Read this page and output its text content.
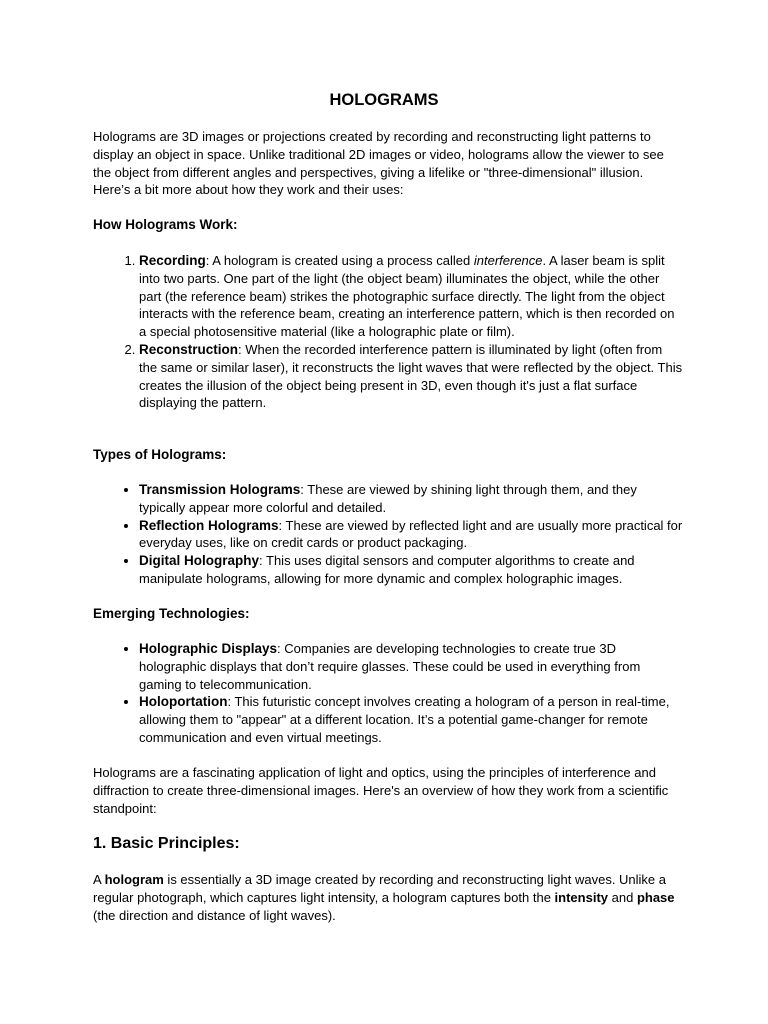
HOLOGRAMS

Holograms are 3D images or projections created by recording and reconstructing light patterns to display an object in space. Unlike traditional 2D images or video, holograms allow the viewer to see the object from different angles and perspectives, giving a lifelike or "three-dimensional" illusion. Here’s a bit more about how they work and their uses:

How Holograms Work:

1. Recording: A hologram is created using a process called interference. A laser beam is split into two parts. One part of the light (the object beam) illuminates the object, while the other part (the reference beam) strikes the photographic surface directly. The light from the object interacts with the reference beam, creating an interference pattern, which is then recorded on a special photosensitive material (like a holographic plate or film).
2. Reconstruction: When the recorded interference pattern is illuminated by light (often from the same or similar laser), it reconstructs the light waves that were reflected by the object. This creates the illusion of the object being present in 3D, even though it's just a flat surface displaying the pattern.

Types of Holograms:

• Transmission Holograms: These are viewed by shining light through them, and they typically appear more colorful and detailed.
• Reflection Holograms: These are viewed by reflected light and are usually more practical for everyday uses, like on credit cards or product packaging.
• Digital Holography: This uses digital sensors and computer algorithms to create and manipulate holograms, allowing for more dynamic and complex holographic images.

Emerging Technologies:

• Holographic Displays: Companies are developing technologies to create true 3D holographic displays that don’t require glasses. These could be used in everything from gaming to telecommunication.
• Holoportation: This futuristic concept involves creating a hologram of a person in real-time, allowing them to "appear" at a different location. It’s a potential game-changer for remote communication and even virtual meetings.

Holograms are a fascinating application of light and optics, using the principles of interference and diffraction to create three-dimensional images. Here's an overview of how they work from a scientific standpoint:

1. Basic Principles:

A hologram is essentially a 3D image created by recording and reconstructing light waves. Unlike a regular photograph, which captures light intensity, a hologram captures both the intensity and phase (the direction and distance of light waves).
